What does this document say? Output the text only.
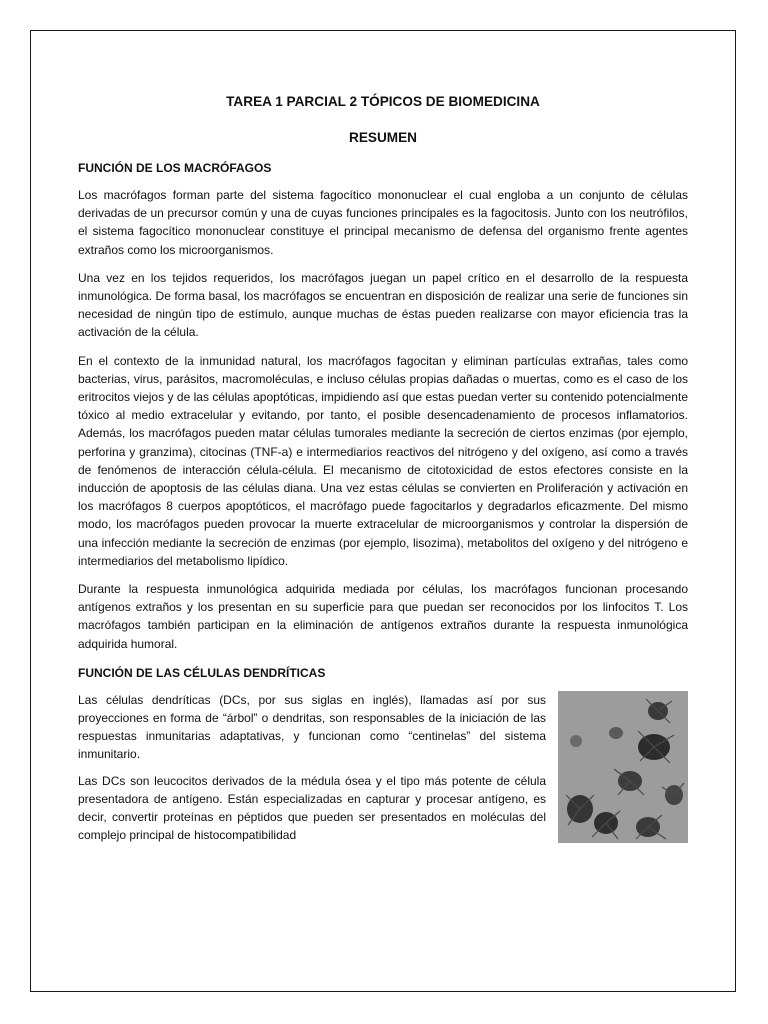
TAREA 1 PARCIAL 2 TÓPICOS DE BIOMEDICINA
RESUMEN
FUNCIÓN DE LOS MACRÓFAGOS

Los macrófagos forman parte del sistema fagocítico mononuclear el cual engloba a un conjunto de células derivadas de un precursor común y una de cuyas funciones principales es la fagocitosis. Junto con los neutrófilos, el sistema fagocítico mononuclear constituye el principal mecanismo de defensa del organismo frente agentes extraños como los microorganismos.

Una vez en los tejidos requeridos, los macrófagos juegan un papel crítico en el desarrollo de la respuesta inmunológica. De forma basal, los macrófagos se encuentran en disposición de realizar una serie de funciones sin necesidad de ningún tipo de estímulo, aunque muchas de éstas pueden realizarse con mayor eficiencia tras la activación de la célula.

En el contexto de la inmunidad natural, los macrófagos fagocitan y eliminan partículas extrañas, tales como bacterias, virus, parásitos, macromoléculas, e incluso células propias dañadas o muertas, como es el caso de los eritrocitos viejos y de las células apoptóticas, impidiendo así que estas puedan verter su contenido potencialmente tóxico al medio extracelular y evitando, por tanto, el posible desencadenamiento de procesos inflamatorios. Además, los macrófagos pueden matar células tumorales mediante la secreción de ciertos enzimas (por ejemplo, perforina y granzima), citocinas (TNF-a) e intermediarios reactivos del nitrógeno y del oxígeno, así como a través de fenómenos de interacción célula-célula. El mecanismo de citotoxicidad de estos efectores consiste en la inducción de apoptosis de las células diana. Una vez estas células se convierten en Proliferación y activación en los macrófagos 8 cuerpos apoptóticos, el macrófago puede fagocitarlos y degradarlos eficazmente. Del mismo modo, los macrófagos pueden provocar la muerte extracelular de microorganismos y controlar la dispersión de una infección mediante la secreción de enzimas (por ejemplo, lisozima), metabolitos del oxígeno y del nitrógeno e intermediarios del metabolismo lipídico.

Durante la respuesta inmunológica adquirida mediada por células, los macrófagos funcionan procesando antígenos extraños y los presentan en su superficie para que puedan ser reconocidos por los linfocitos T. Los macrófagos también participan en la eliminación de antígenos extraños durante la respuesta inmunológica adquirida humoral.

FUNCIÓN DE LAS CÉLULAS DENDRÍTICAS

Las células dendríticas (DCs, por sus siglas en inglés), llamadas así por sus proyecciones en forma de “árbol” o dendritas, son responsables de la iniciación de las respuestas inmunitarias adaptativas, y funcionan como “centinelas” del sistema inmunitario.

Las DCs son leucocitos derivados de la médula ósea y el tipo más potente de célula presentadora de antígeno. Están especializadas en capturar y procesar antígeno, es decir, convertir proteínas en péptidos que pueden ser presentados en moléculas del complejo principal de histocompatibilidad
